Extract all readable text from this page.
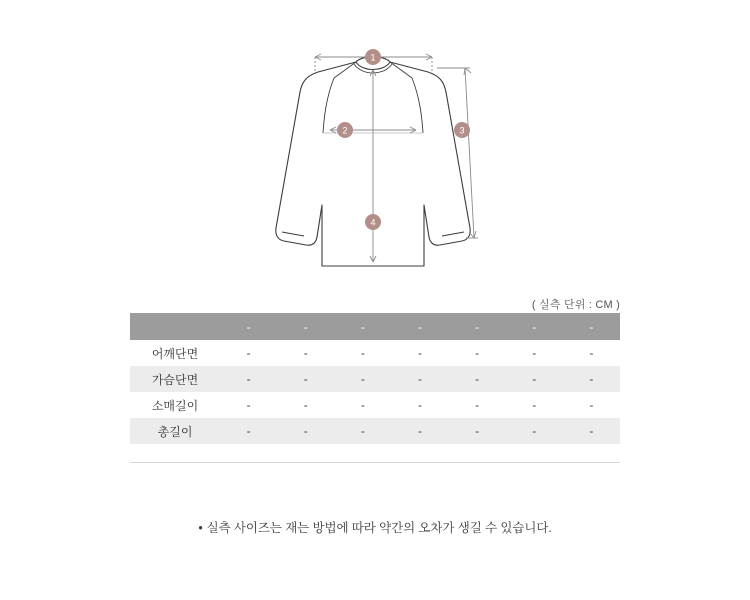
1
2	3
4
( 실측 단위 : CM )
	-	-	-	-	-	-	-
어깨단면	-	-	-	-	-	-	-
가슴단면	-	-	-	-	-	-	-
소매길이	-	-	-	-	-	-	-
총길이	-	-	-	-	-	-	-
• 실측 사이즈는 재는 방법에 따라 약간의 오차가 생길 수 있습니다.
